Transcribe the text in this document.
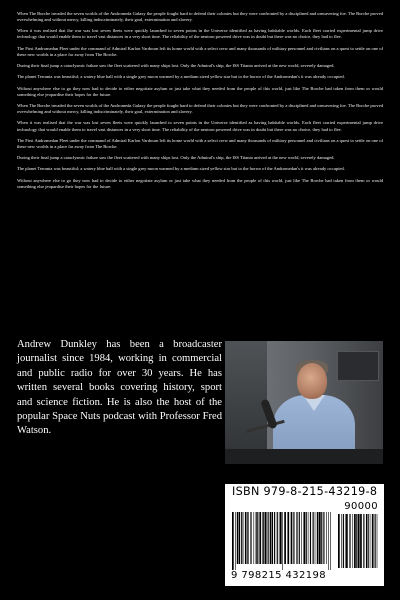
When The Borche invaded the seven worlds of the Andromeda Galaxy the people fought hard to defend their colonies but they were confronted by a disciplined and unwavering foe. The Borche proved overwhelming and without mercy, killing indiscriminately, their goal, extermination and slavery.

When it was realised that the war was lost seven fleets were quickly launched to seven points in the Universe identified as having habitable worlds. Each fleet carried experimental jump drive technology that would enable them to travel vast distances in a very short time. The reliability of the neutron powered drive was in doubt but there was no choice, they had to flee.

The First Andromedan Fleet under the command of Admiral Karlon Vardourn left its home world with a select crew and many thousands of military personnel and civilians on a quest to settle on one of these new worlds in a place far away from The Borche.

During their final jump a cataclysmic failure saw the fleet scattered with many ships lost. Only the Admiral's ship, the ISS Titania arrived at the new world, severely damaged.

The planet Terrania was beautiful; a watery blue ball with a single grey moon warmed by a medium sized yellow star but to the horror of the Andromedan's it was already occupied.

Without anywhere else to go they now had to decide to either negotiate asylum or just take what they needed from the people of this world, just like The Borche had taken from them or would something else jeopardise their hopes for the future.

When The Borche invaded the seven worlds of the Andromeda Galaxy the people fought hard to defend their colonies but they were confronted by a disciplined and unwavering foe. The Borche proved overwhelming and without mercy, killing indiscriminately, their goal, extermination and slavery.

When it was realised that the war was lost seven fleets were quickly launched to seven points in the Universe identified as having habitable worlds. Each fleet carried experimental jump drive technology that would enable them to travel vast distances in a very short time. The reliability of the neutron powered drive was in doubt but there was no choice, they had to flee.

The First Andromedan Fleet under the command of Admiral Karlon Vardourn left its home world with a select crew and many thousands of military personnel and civilians on a quest to settle on one of these new worlds in a place far away from The Borche.

During their final jump a cataclysmic failure saw the fleet scattered with many ships lost. Only the Admiral's ship, the ISS Titania arrived at the new world, severely damaged.

The planet Terrania was beautiful; a watery blue ball with a single grey moon warmed by a medium sized yellow star but to the horror of the Andromedan's it was already occupied.

Without anywhere else to go they now had to decide to either negotiate asylum or just take what they needed from the people of this world, just like The Borche had taken from them or would something else jeopardise their hopes for the future.

Andrew Dunkley has been a broadcaster journalist since 1984, working in commercial and public radio for over 30 years. He has written several books covering history, sport and science fiction. He is also the host of the popular Space Nuts podcast with Professor Fred Watson.
ISBN 979-8-215-43219-8
90000
9 798215 432198
